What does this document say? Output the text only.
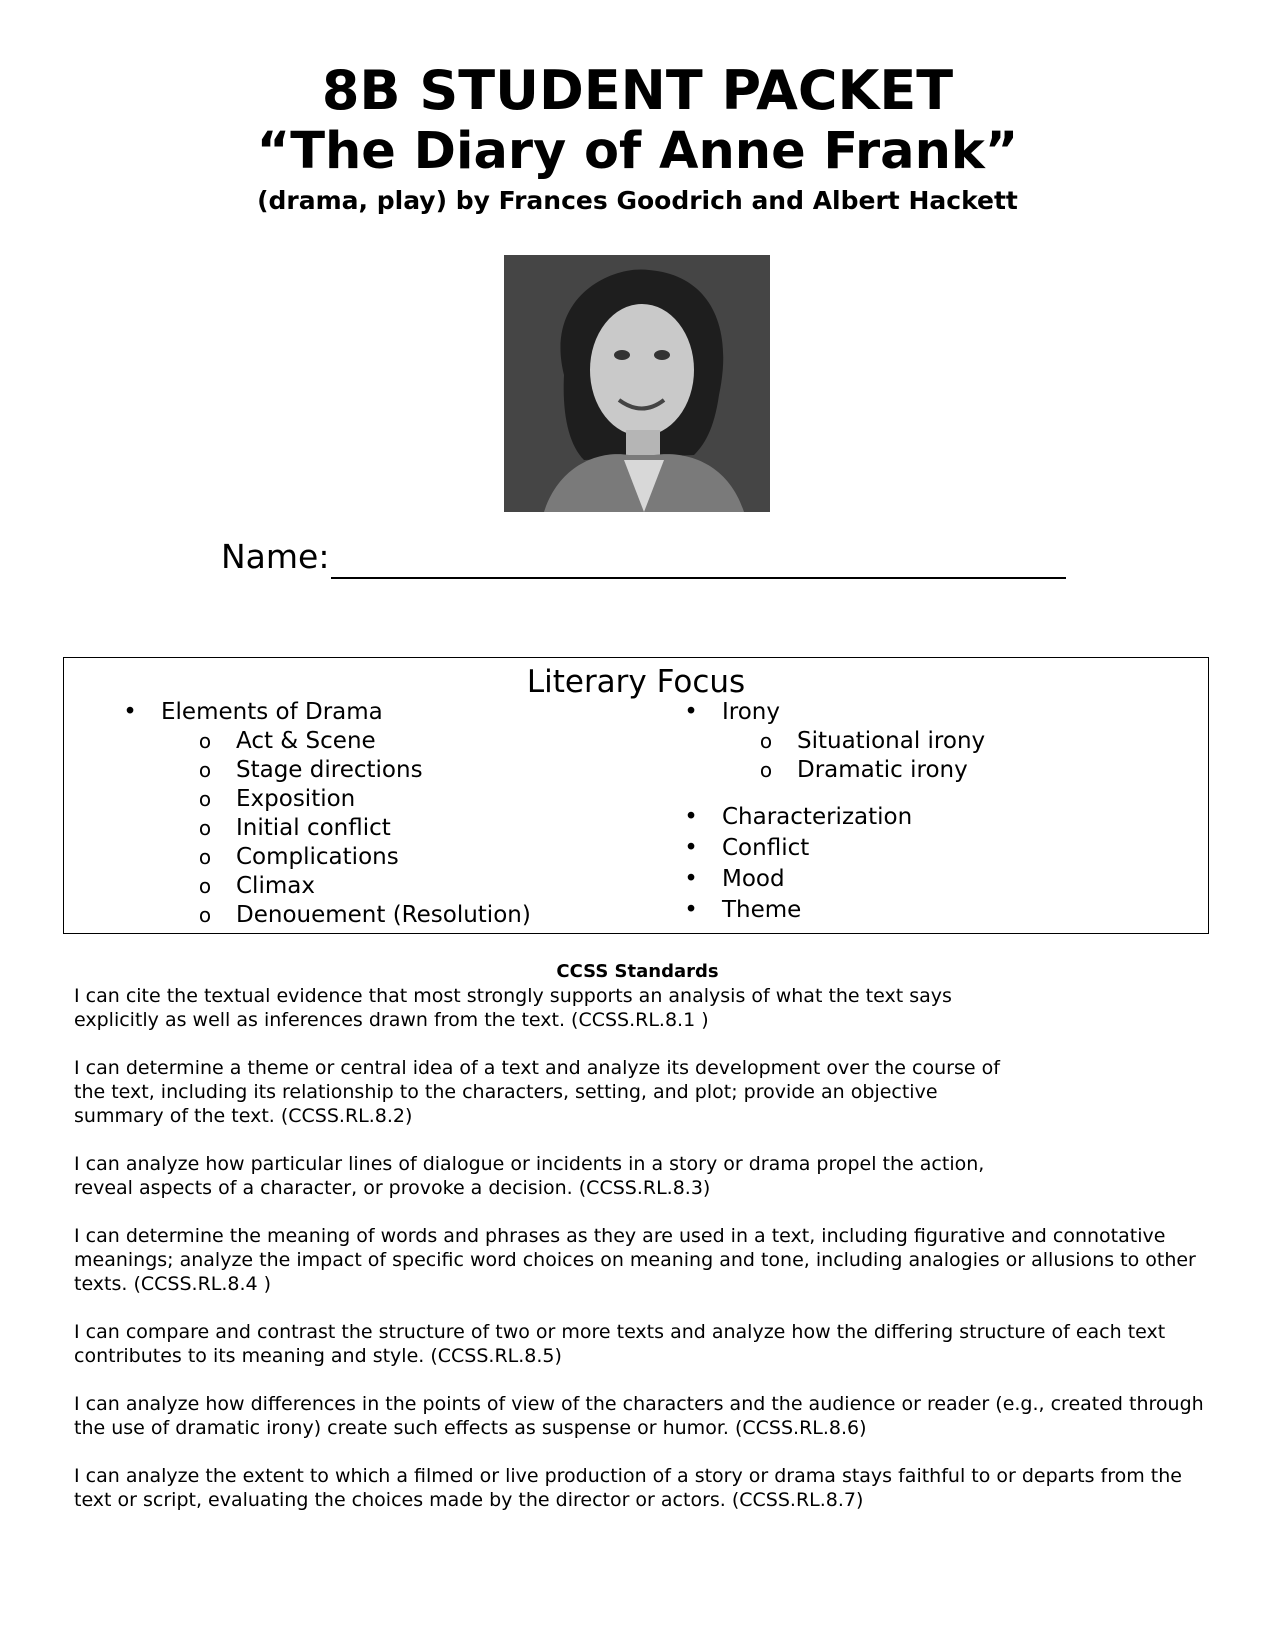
8B STUDENT PACKET
“The Diary of Anne Frank”
(drama, play) by Frances Goodrich and Albert Hackett
Name:
Literary Focus
• Elements of Drama
o Act & Scene
o Stage directions
o Exposition
o Initial conflict
o Complications
o Climax
o Denouement (Resolution)
• Irony
o Situational irony
o Dramatic irony
• Characterization
• Conflict
• Mood
• Theme
CCSS Standards
I can cite the textual evidence that most strongly supports an analysis of what the text says
explicitly as well as inferences drawn from the text. (CCSS.RL.8.1 )
I can determine a theme or central idea of a text and analyze its development over the course of
the text, including its relationship to the characters, setting, and plot; provide an objective
summary of the text. (CCSS.RL.8.2)
I can analyze how particular lines of dialogue or incidents in a story or drama propel the action,
reveal aspects of a character, or provoke a decision. (CCSS.RL.8.3)
I can determine the meaning of words and phrases as they are used in a text, including figurative and connotative
meanings; analyze the impact of specific word choices on meaning and tone, including analogies or allusions to other
texts. (CCSS.RL.8.4 )
I can compare and contrast the structure of two or more texts and analyze how the differing structure of each text
contributes to its meaning and style. (CCSS.RL.8.5)
I can analyze how differences in the points of view of the characters and the audience or reader (e.g., created through
the use of dramatic irony) create such effects as suspense or humor. (CCSS.RL.8.6)
I can analyze the extent to which a filmed or live production of a story or drama stays faithful to or departs from the
text or script, evaluating the choices made by the director or actors. (CCSS.RL.8.7)
